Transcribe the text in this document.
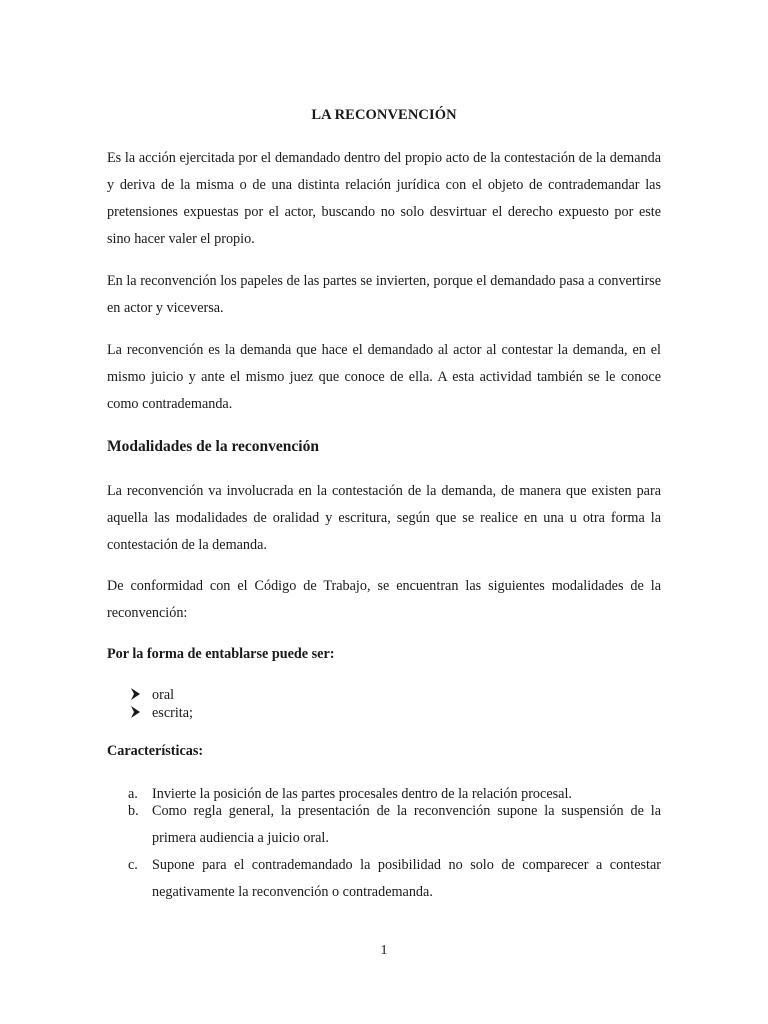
LA RECONVENCIÓN

Es la acción ejercitada por el demandado dentro del propio acto de la contestación de la demanda y deriva de la misma o de una distinta relación jurídica con el objeto de contrademandar las pretensiones expuestas por el actor, buscando no solo desvirtuar el derecho expuesto por este sino hacer valer el propio.

En la reconvención los papeles de las partes se invierten, porque el demandado pasa a convertirse en actor y viceversa.

La reconvención es la demanda que hace el demandado al actor al contestar la demanda, en el mismo juicio y ante el mismo juez que conoce de ella. A esta actividad también se le conoce como contrademanda.

Modalidades de la reconvención

La reconvención va involucrada en la contestación de la demanda, de manera que existen para aquella las modalidades de oralidad y escritura, según que se realice en una u otra forma la contestación de la demanda.

De conformidad con el Código de Trabajo, se encuentran las siguientes modalidades de la reconvención:

Por la forma de entablarse puede ser:
oral
escrita;
Características:
a. Invierte la posición de las partes procesales dentro de la relación procesal.
b. Como regla general, la presentación de la reconvención supone la suspensión de la primera audiencia a juicio oral.
c. Supone para el contrademandado la posibilidad no solo de comparecer a contestar negativamente la reconvención o contrademanda.
1
